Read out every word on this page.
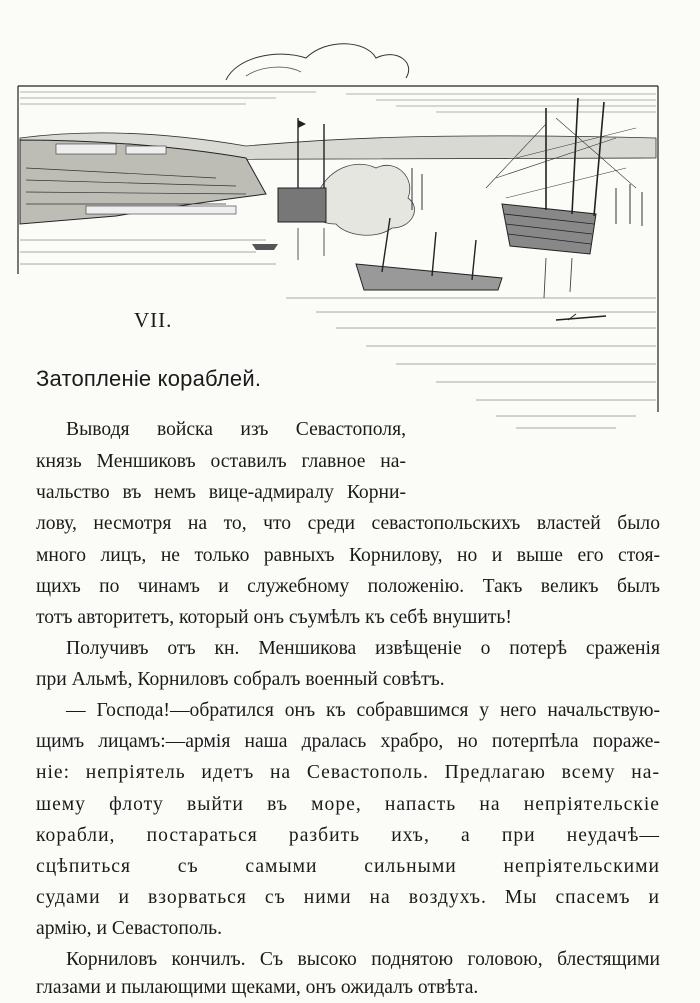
VII.
Затопленіе кораблей.
Выводя войска изъ Севастополя,
князь Меншиковъ оставилъ главное на-
чальство въ немъ вице-адмиралу Корни-
лову, несмотря на то, что среди севастопольскихъ властей было
много лицъ, не только равныхъ Корнилову, но и выше его стоя-
щихъ по чинамъ и служебному положенію. Такъ великъ былъ
тотъ авторитетъ, который онъ съумѣлъ къ себѣ внушить!
Получивъ отъ кн. Меншикова извѣщеніе о потерѣ сраженія
при Альмѣ, Корниловъ собралъ военный совѣтъ.
— Господа!—обратился онъ къ собравшимся у него начальствую-
щимъ лицамъ:—армія наша дралась храбро, но потерпѣла пораже-
ніе: непріятель идетъ на Севастополь. Предлагаю всему на-
шему флоту выйти въ море, напасть на непріятельскіе
корабли, постараться разбить ихъ, а при неудачѣ—
сцѣпиться съ самыми сильными непріятельскими
судами и взорваться съ ними на воздухъ. Мы спасемъ и
армію, и Севастополь.
Корниловъ кончилъ. Съ высоко поднятою головою, блестящими
глазами и пылающими щеками, онъ ожидалъ отвѣта.
